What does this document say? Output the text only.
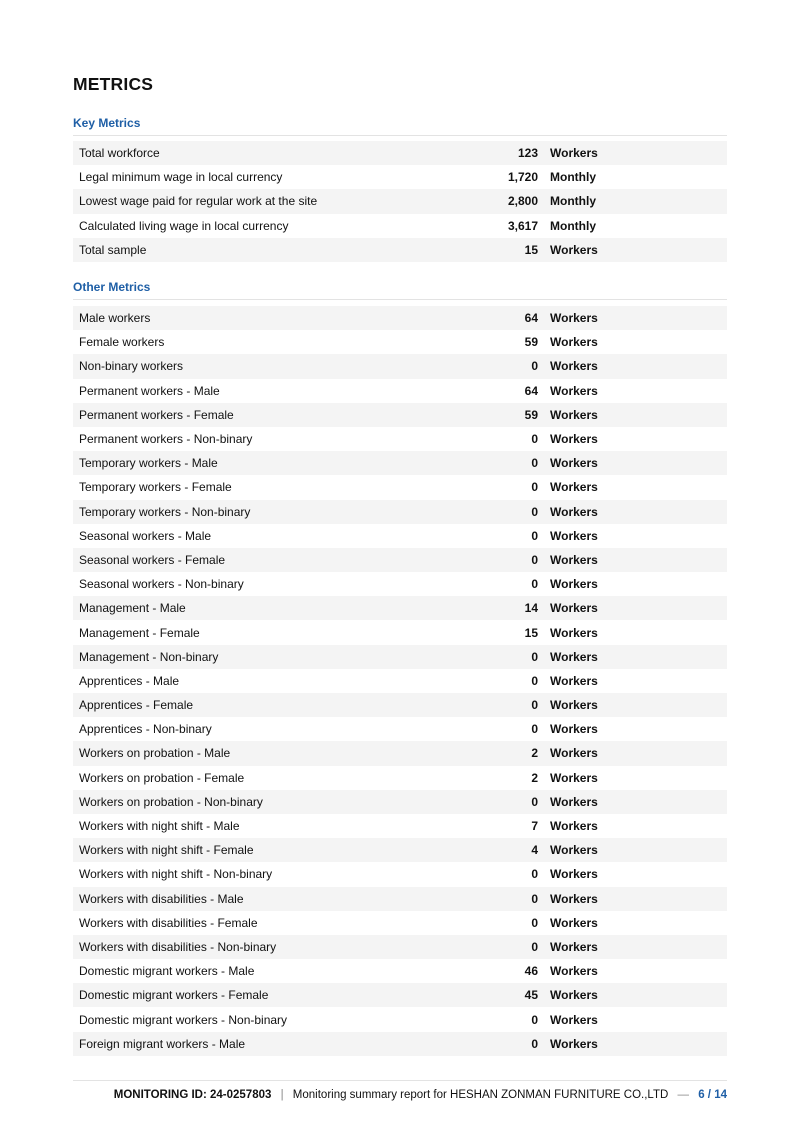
METRICS
Key Metrics
Total workforce	123	Workers
Legal minimum wage in local currency	1,720	Monthly
Lowest wage paid for regular work at the site	2,800	Monthly
Calculated living wage in local currency	3,617	Monthly
Total sample	15	Workers
Other Metrics
Male workers	64	Workers
Female workers	59	Workers
Non-binary workers	0	Workers
Permanent workers - Male	64	Workers
Permanent workers - Female	59	Workers
Permanent workers - Non-binary	0	Workers
Temporary workers - Male	0	Workers
Temporary workers - Female	0	Workers
Temporary workers - Non-binary	0	Workers
Seasonal workers - Male	0	Workers
Seasonal workers - Female	0	Workers
Seasonal workers - Non-binary	0	Workers
Management - Male	14	Workers
Management - Female	15	Workers
Management - Non-binary	0	Workers
Apprentices - Male	0	Workers
Apprentices - Female	0	Workers
Apprentices - Non-binary	0	Workers
Workers on probation - Male	2	Workers
Workers on probation - Female	2	Workers
Workers on probation - Non-binary	0	Workers
Workers with night shift - Male	7	Workers
Workers with night shift - Female	4	Workers
Workers with night shift - Non-binary	0	Workers
Workers with disabilities - Male	0	Workers
Workers with disabilities - Female	0	Workers
Workers with disabilities - Non-binary	0	Workers
Domestic migrant workers - Male	46	Workers
Domestic migrant workers - Female	45	Workers
Domestic migrant workers - Non-binary	0	Workers
Foreign migrant workers - Male	0	Workers
MONITORING ID: 24-0257803 | Monitoring summary report for HESHAN ZONMAN FURNITURE CO.,LTD — 6 / 14
